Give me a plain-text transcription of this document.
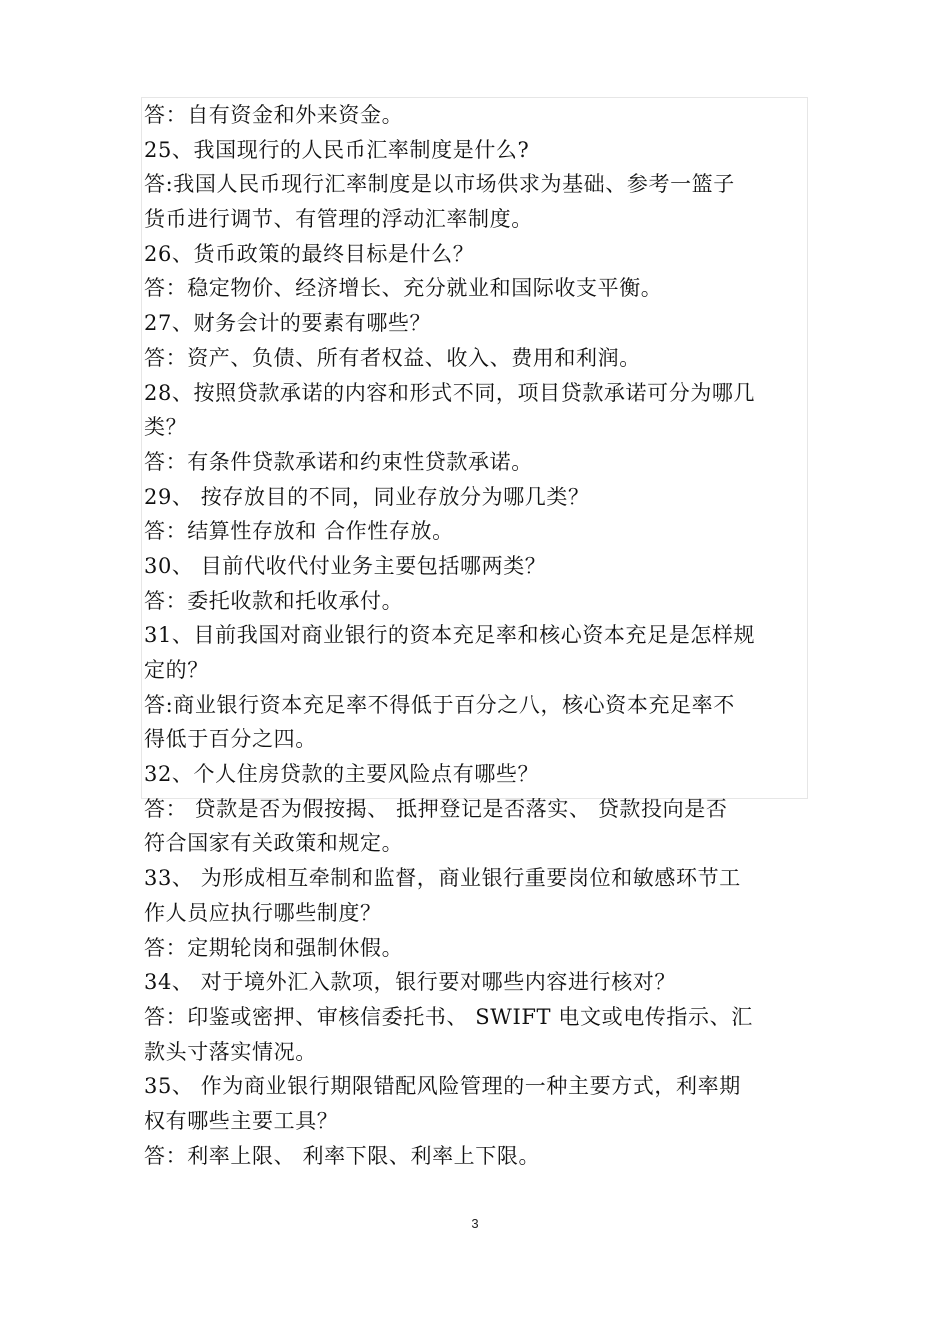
答：自有资金和外来资金。
25、我国现行的人民币汇率制度是什么?
答:我国人民币现行汇率制度是以市场供求为基础、参考一篮子
货币进行调节、有管理的浮动汇率制度。
26、货币政策的最终目标是什么？
答：稳定物价、经济增长、充分就业和国际收支平衡。
27、财务会计的要素有哪些？
答：资产、负债、所有者权益、收入、费用和利润。
28、按照贷款承诺的内容和形式不同，项目贷款承诺可分为哪几
类？
答：有条件贷款承诺和约束性贷款承诺。
29、 按存放目的不同，同业存放分为哪几类？
答：结算性存放和 合作性存放。
30、 目前代收代付业务主要包括哪两类？
答：委托收款和托收承付。
31、目前我国对商业银行的资本充足率和核心资本充足是怎样规
定的？
答:商业银行资本充足率不得低于百分之八，核心资本充足率不
得低于百分之四。
32、个人住房贷款的主要风险点有哪些？
答： 贷款是否为假按揭、 抵押登记是否落实、 贷款投向是否
符合国家有关政策和规定。
33、 为形成相互牵制和监督，商业银行重要岗位和敏感环节工
作人员应执行哪些制度？
答：定期轮岗和强制休假。
34、 对于境外汇入款项，银行要对哪些内容进行核对？
答：印鉴或密押、审核信委托书、 SWIFT 电文或电传指示、汇
款头寸落实情况。
35、 作为商业银行期限错配风险管理的一种主要方式，利率期
权有哪些主要工具？
答：利率上限、 利率下限、利率上下限。
3
